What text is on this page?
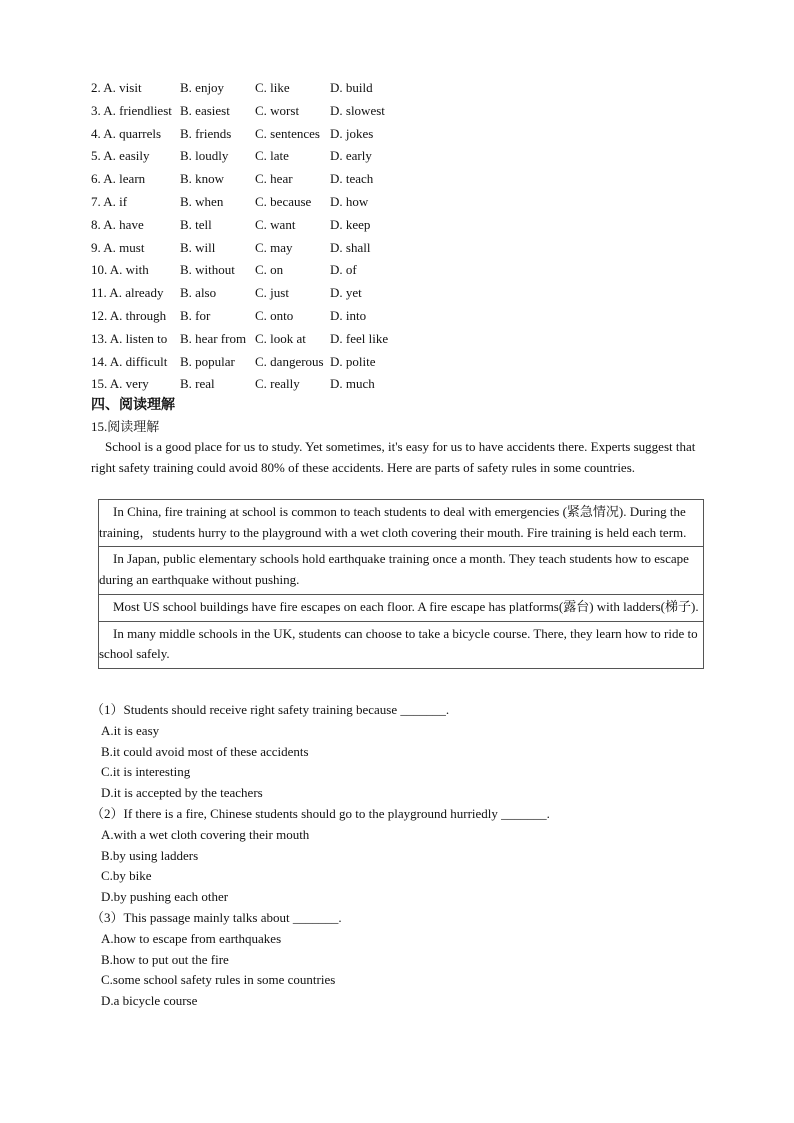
2. A. visit	B. enjoy C. like	D. build
3. A. friendliest B. easiest C. worst D. slowest
4. A. quarrels B. friends C. sentences D. jokes
5. A. easily B. loudly C. late	D. early
6. A. learn	B. know C. hear	D. teach
7. A. if	B. when C. because D. how
8. A. have	B. tell	C. want	D. keep
9. A. must	B. will	C. may	D. shall
10. A. with B. without C. on	D. of
11. A. already B. also	C. just	D. yet
12. A. through B. for	C. onto	D. into
13. A. listen to B. hear from C. look at D. feel like
14. A. difficult B. popular C. dangerous D. polite
15. A. very B. real	C. really D. much
四、阅读理解
15.阅读理解
School is a good place for us to study. Yet sometimes, it's easy for us to have accidents there. Experts suggest that right safety training could avoid 80% of these accidents. Here are parts of safety rules in some countries.
In China, fire training at school is common to teach students to deal with emergencies (紧急情况). During the training，students hurry to the playground with a wet cloth covering their mouth. Fire training is held each term.
In Japan, public elementary schools hold earthquake training once a month. They teach students how to escape during an earthquake without pushing.
Most US school buildings have fire escapes on each floor. A fire escape has platforms(露台) with ladders(梯子).
In many middle schools in the UK, students can choose to take a bicycle course. There, they learn how to ride to school safely.
（1）Students should receive right safety training because _______.
A.it is easy
B.it could avoid most of these accidents
C.it is interesting
D.it is accepted by the teachers
（2）If there is a fire, Chinese students should go to the playground hurriedly _______.
A.with a wet cloth covering their mouth
B.by using ladders
C.by bike
D.by pushing each other
（3）This passage mainly talks about _______.
A.how to escape from earthquakes
B.how to put out the fire
C.some school safety rules in some countries
D.a bicycle course
